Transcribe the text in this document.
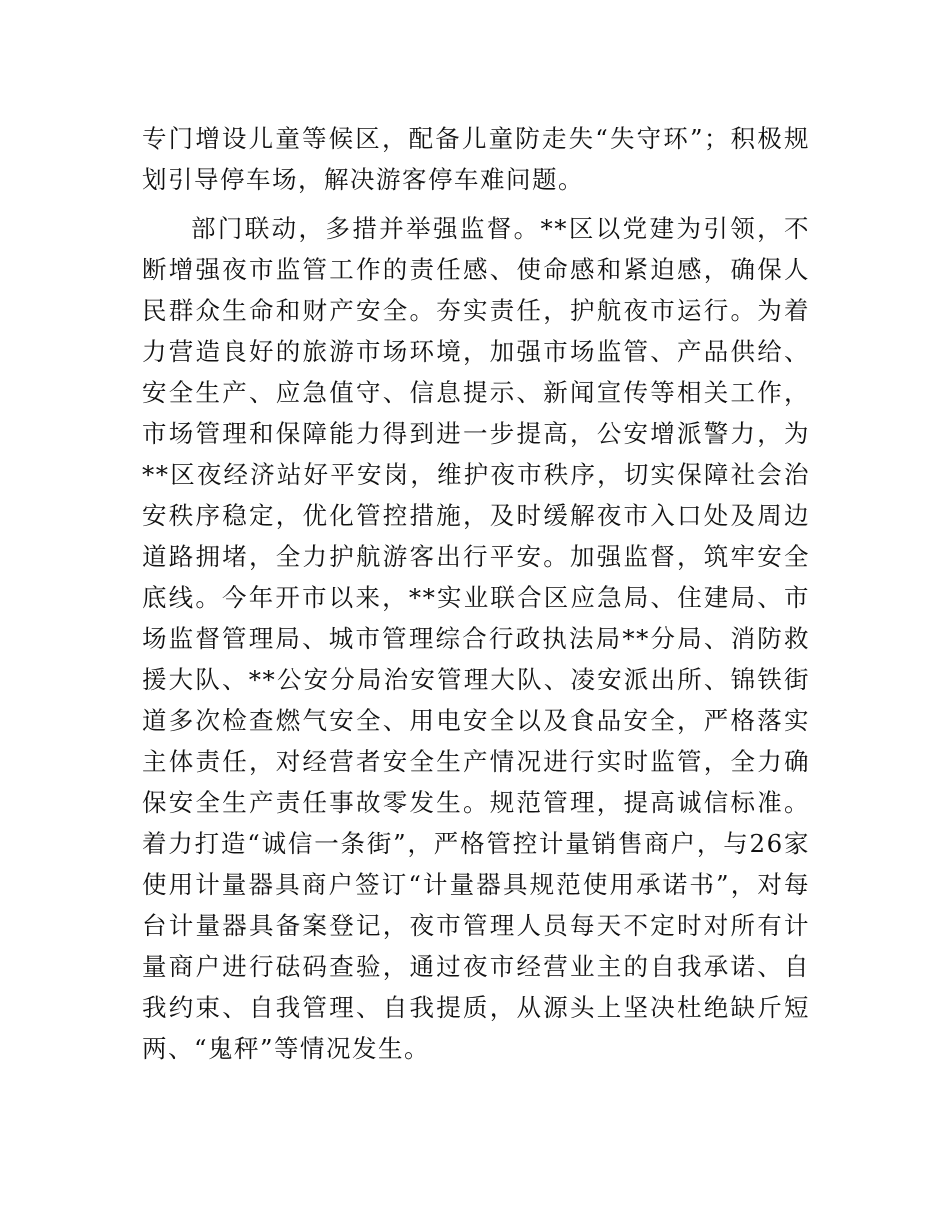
专门增设儿童等候区，配备儿童防走失“失守环”；积极规划引导停车场，解决游客停车难问题。

部门联动，多措并举强监督。**区以党建为引领，不断增强夜市监管工作的责任感、使命感和紧迫感，确保人民群众生命和财产安全。夯实责任，护航夜市运行。为着力营造良好的旅游市场环境，加强市场监管、产品供给、安全生产、应急值守、信息提示、新闻宣传等相关工作，市场管理和保障能力得到进一步提高，公安增派警力，为**区夜经济站好平安岗，维护夜市秩序，切实保障社会治安秩序稳定，优化管控措施，及时缓解夜市入口处及周边道路拥堵，全力护航游客出行平安。加强监督，筑牢安全底线。今年开市以来，**实业联合区应急局、住建局、市场监督管理局、城市管理综合行政执法局**分局、消防救援大队、**公安分局治安管理大队、凌安派出所、锦铁街道多次检查燃气安全、用电安全以及食品安全，严格落实主体责任，对经营者安全生产情况进行实时监管，全力确保安全生产责任事故零发生。规范管理，提高诚信标准。着力打造“诚信一条街”，严格管控计量销售商户，与26家使用计量器具商户签订“计量器具规范使用承诺书”，对每台计量器具备案登记，夜市管理人员每天不定时对所有计量商户进行砝码查验，通过夜市经营业主的自我承诺、自我约束、自我管理、自我提质，从源头上坚决杜绝缺斤短两、“鬼秤”等情况发生。
